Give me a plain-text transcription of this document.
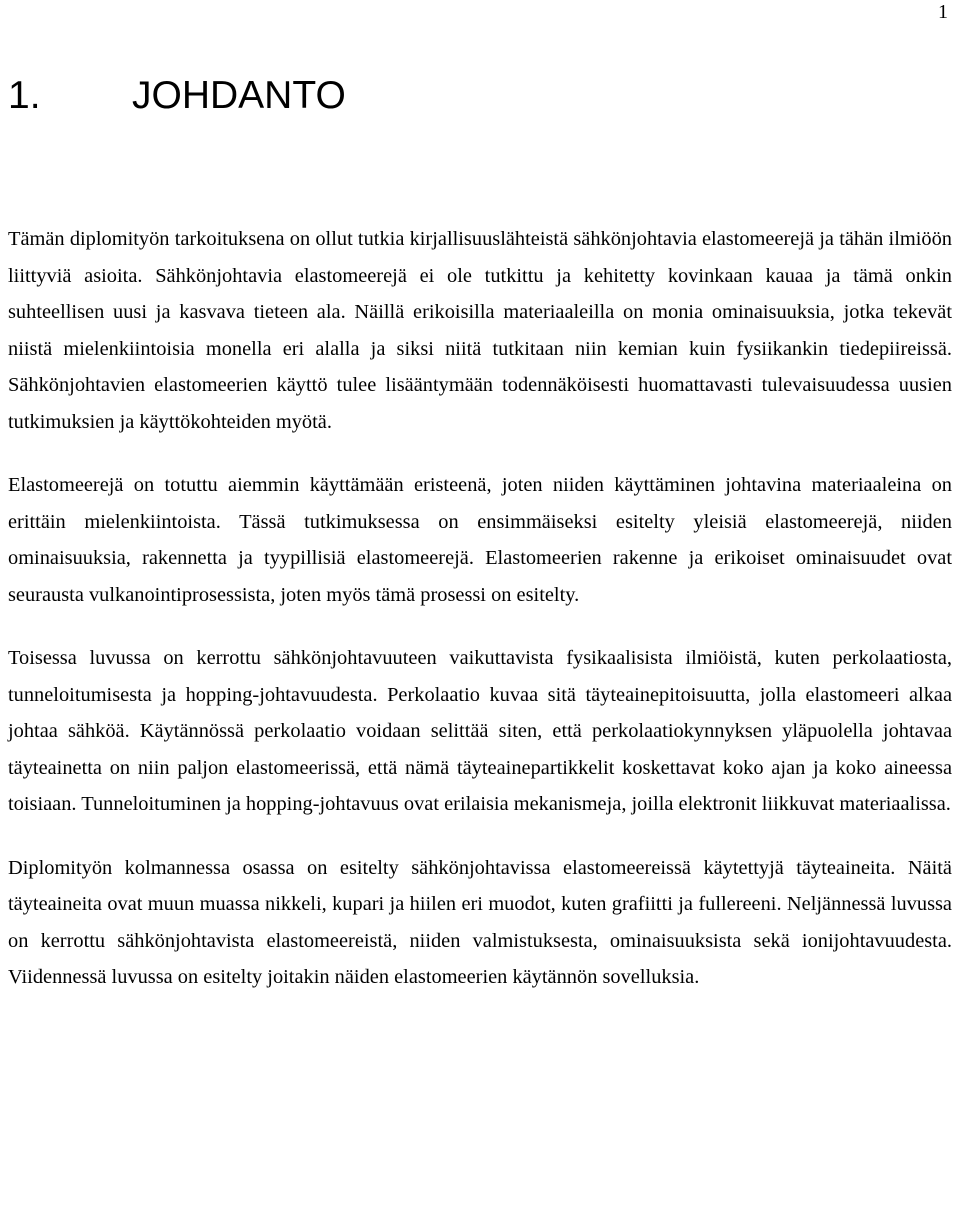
1
1. JOHDANTO

Tämän diplomityön tarkoituksena on ollut tutkia kirjallisuuslähteistä sähkönjohtavia elastomeerejä ja tähän ilmiöön liittyviä asioita. Sähkönjohtavia elastomeerejä ei ole tutkittu ja kehitetty kovinkaan kauaa ja tämä onkin suhteellisen uusi ja kasvava tieteen ala. Näillä erikoisilla materiaaleilla on monia ominaisuuksia, jotka tekevät niistä mielenkiintoisia monella eri alalla ja siksi niitä tutkitaan niin kemian kuin fysiikankin tiedepiireissä. Sähkönjohtavien elastomeerien käyttö tulee lisääntymään todennäköisesti huomattavasti tulevaisuudessa uusien tutkimuksien ja käyttökohteiden myötä.

Elastomeerejä on totuttu aiemmin käyttämään eristeenä, joten niiden käyttäminen johtavina materiaaleina on erittäin mielenkiintoista. Tässä tutkimuksessa on ensimmäiseksi esitelty yleisiä elastomeerejä, niiden ominaisuuksia, rakennetta ja tyypillisiä elastomeerejä. Elastomeerien rakenne ja erikoiset ominaisuudet ovat seurausta vulkanointiprosessista, joten myös tämä prosessi on esitelty.

Toisessa luvussa on kerrottu sähkönjohtavuuteen vaikuttavista fysikaalisista ilmiöistä, kuten perkolaatiosta, tunneloitumisesta ja hopping-johtavuudesta. Perkolaatio kuvaa sitä täyteainepitoisuutta, jolla elastomeeri alkaa johtaa sähköä. Käytännössä perkolaatio voidaan selittää siten, että perkolaatiokynnyksen yläpuolella johtavaa täyteainetta on niin paljon elastomeerissä, että nämä täyteainepartikkelit koskettavat koko ajan ja koko aineessa toisiaan. Tunneloituminen ja hopping-johtavuus ovat erilaisia mekanismeja, joilla elektronit liikkuvat materiaalissa.

Diplomityön kolmannessa osassa on esitelty sähkönjohtavissa elastomeereissä käytettyjä täyteaineita. Näitä täyteaineita ovat muun muassa nikkeli, kupari ja hiilen eri muodot, kuten grafiitti ja fullereeni. Neljännessä luvussa on kerrottu sähkönjohtavista elastomeereistä, niiden valmistuksesta, ominaisuuksista sekä ionijohtavuudesta. Viidennessä luvussa on esitelty joitakin näiden elastomeerien käytännön sovelluksia.
